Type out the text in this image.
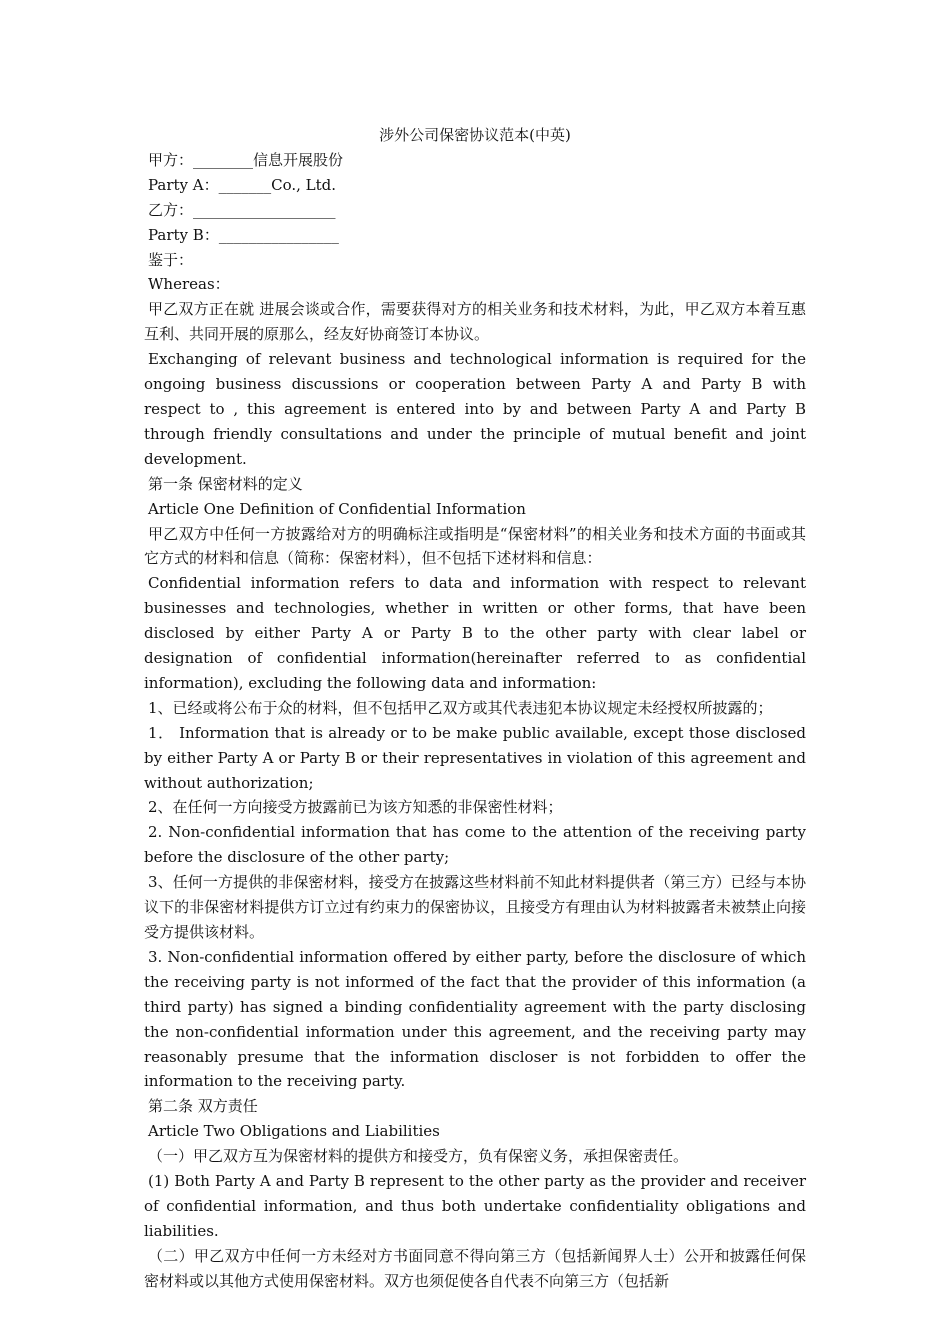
涉外公司保密协议范本(中英)

甲方：________信息开展股份

Party A：_______Co., Ltd.

乙方：___________________

Party B：________________

鉴于：

Whereas：

甲乙双方正在就 进展会谈或合作，需要获得对方的相关业务和技术材料，为此，甲乙双方本着互惠互利、共同开展的原那么，经友好协商签订本协议。

Exchanging of relevant business and technological information is required for the ongoing business discussions or cooperation between Party A and Party B with respect to , this agreement is entered into by and between Party A and Party B through friendly consultations and under the principle of mutual benefit and joint development.

第一条 保密材料的定义

Article One Definition of Confidential Information

甲乙双方中任何一方披露给对方的明确标注或指明是“保密材料”的相关业务和技术方面的书面或其它方式的材料和信息（简称：保密材料），但不包括下述材料和信息：

Confidential information refers to data and information with respect to relevant businesses and technologies, whether in written or other forms, that have been disclosed by either Party A or Party B to the other party with clear label or designation of confidential information(hereinafter referred to as confidential information), excluding the following data and information:

1、已经或将公布于众的材料，但不包括甲乙双方或其代表违犯本协议规定未经授权所披露的；

1． Information that is already or to be make public available, except those disclosed by either Party A or Party B or their representatives in violation of this agreement and without authorization;

2、在任何一方向接受方披露前已为该方知悉的非保密性材料；

2. Non-confidential information that has come to the attention of the receiving party before the disclosure of the other party;

3、任何一方提供的非保密材料，接受方在披露这些材料前不知此材料提供者（第三方）已经与本协议下的非保密材料提供方订立过有约束力的保密协议，且接受方有理由认为材料披露者未被禁止向接受方提供该材料。

3. Non-confidential information offered by either party, before the disclosure of which the receiving party is not informed of the fact that the provider of this information (a third party) has signed a binding confidentiality agreement with the party disclosing the non-confidential information under this agreement, and the receiving party may reasonably presume that the information discloser is not forbidden to offer the information to the receiving party.

第二条 双方责任

Article Two Obligations and Liabilities

（一）甲乙双方互为保密材料的提供方和接受方，负有保密义务，承担保密责任。

(1) Both Party A and Party B represent to the other party as the provider and receiver of confidential information, and thus both undertake confidentiality obligations and liabilities.

（二）甲乙双方中任何一方未经对方书面同意不得向第三方（包括新闻界人士）公开和披露任何保密材料或以其他方式使用保密材料。双方也须促使各自代表不向第三方（包括新
